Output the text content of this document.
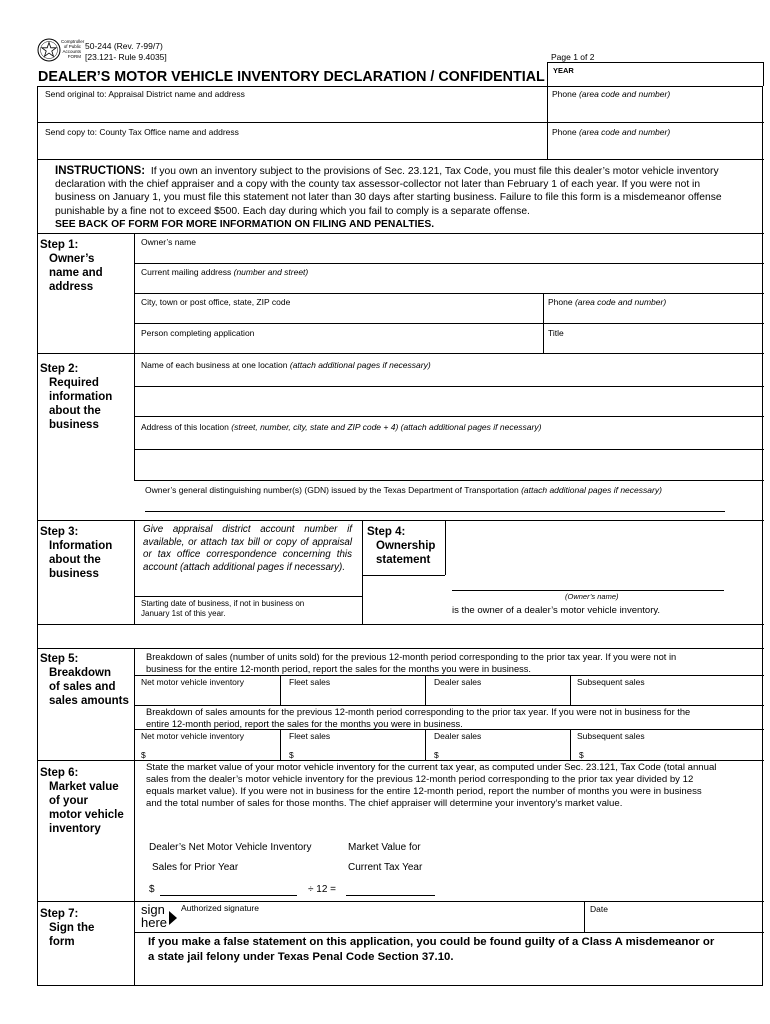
Comptroller
of Public
Accounts
FORM
50-244 (Rev. 7-99/7)
[23.121- Rule 9.4035]	Page 1 of 2
DEALER’S MOTOR VEHICLE INVENTORY DECLARATION / CONFIDENTIAL YEAR
Send original to: Appraisal District name and address	Phone (area code and number)
Send copy to: County Tax Office name and address	Phone (area code and number)
INSTRUCTIONS: If you own an inventory subject to the provisions of Sec. 23.121, Tax Code, you must file this dealer’s motor vehicle inventory declaration with the chief appraiser and a copy with the county tax assessor-collector not later than February 1 of each year. If you were not in business on January 1, you must file this statement not later than 30 days after starting business. Failure to file this form is a misdemeanor offense punishable by a fine not to exceed $500. Each day during which you fail to comply is a separate offense.
SEE BACK OF FORM FOR MORE INFORMATION ON FILING AND PENALTIES.
Step 1:
Owner’s
name and
address
Owner’s name
Current mailing address (number and street)
City, town or post office, state, ZIP code	Phone (area code and number)
Person completing application	Title
Step 2:
Required
information
about the
business
Name of each business at one location (attach additional pages if necessary)
Address of this location (street, number, city, state and ZIP code + 4) (attach additional pages if necessary)
Owner’s general distinguishing number(s) (GDN) issued by the Texas Department of Transportation (attach additional pages if necessary)
Step 3:
Information
about the
business
Give appraisal district account number if available, or attach tax bill or copy of appraisal or tax office correspondence concerning this account (attach additional pages if necessary).
Starting date of business, if not in business on
January 1st of this year.
Step 4:
Ownership
statement
(Owner’s name)
is the owner of a dealer’s motor vehicle inventory.
Step 5:
Breakdown
of sales and
sales amounts
Breakdown of sales (number of units sold) for the previous 12-month period corresponding to the prior tax year. If you were not in
business for the entire 12-month period, report the sales for the months you were in business.
Net motor vehicle inventory	Fleet sales	Dealer sales	Subsequent sales
Breakdown of sales amounts for the previous 12-month period corresponding to the prior tax year. If you were not in business for the
entire 12-month period, report the sales for the months you were in business.
Net motor vehicle inventory	Fleet sales	Dealer sales	Subsequent sales
$	$	$	$
Step 6:
Market value
of your
motor vehicle
inventory
State the market value of your motor vehicle inventory for the current tax year, as computed under Sec. 23.121, Tax Code (total annual
sales from the dealer’s motor vehicle inventory for the previous 12-month period corresponding to the prior tax year divided by 12
equals market value). If you were not in business for the entire 12-month period, report the number of months you were in business
and the total number of sales for those months. The chief appraiser will determine your inventory’s market value.
Dealer’s Net Motor Vehicle Inventory
Sales for Prior Year
Market Value for
Current Tax Year
$	÷ 12 =
Step 7:
Sign the
form
sign
here
Authorized signature	Date
If you make a false statement on this application, you could be found guilty of a Class A misdemeanor or
a state jail felony under Texas Penal Code Section 37.10.
